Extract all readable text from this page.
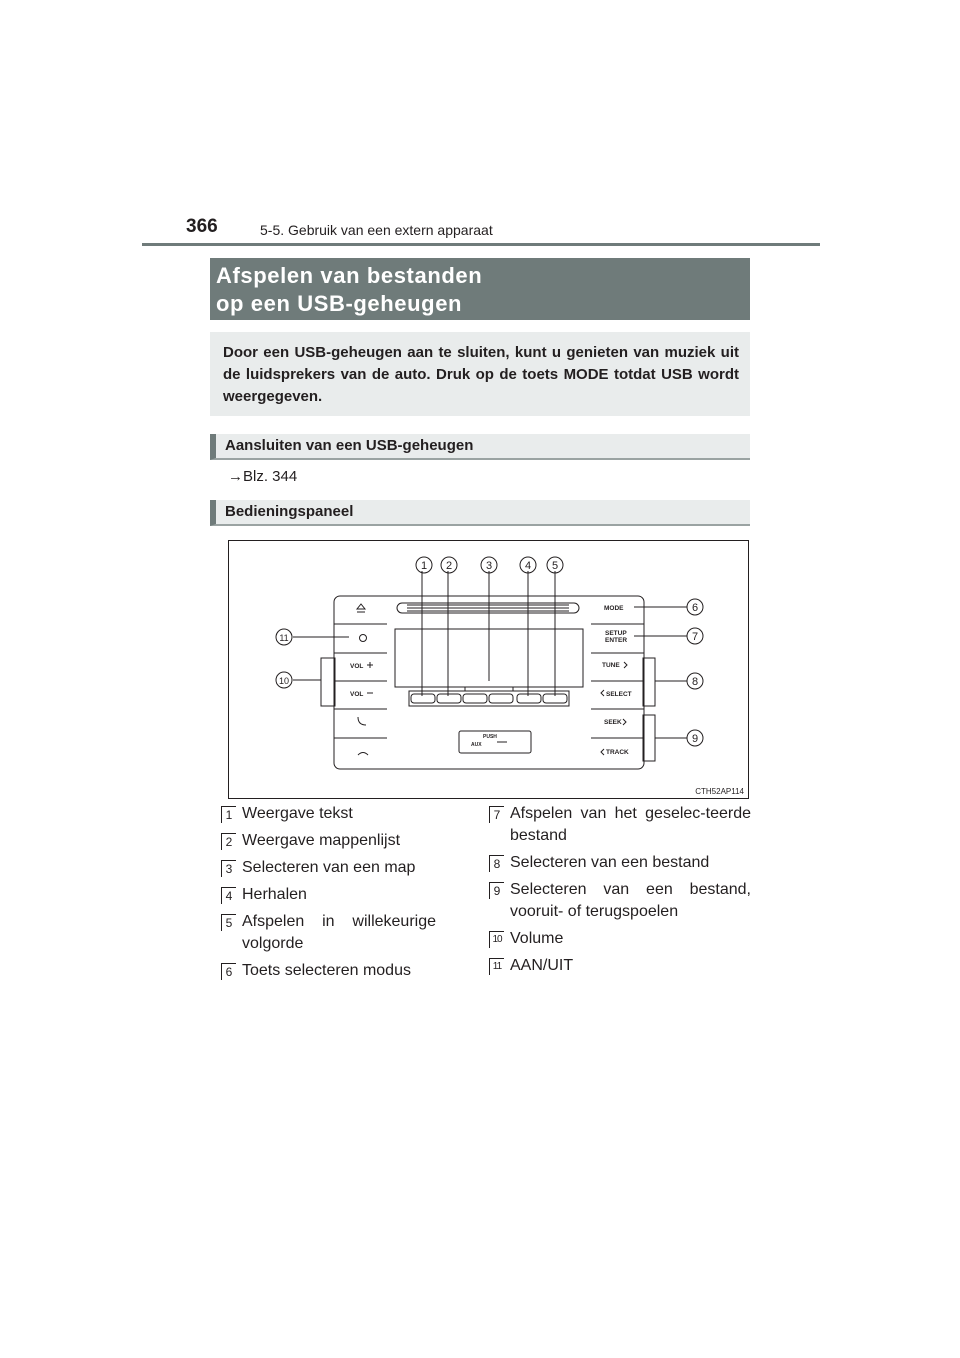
366	5-5. Gebruik van een extern apparaat
Afspelen van bestanden
op een USB-geheugen
Door een USB-geheugen aan te sluiten, kunt u genieten van muziek uit de luidsprekers van de auto. Druk op de toets MODE totdat USB wordt weergegeven.
Aansluiten van een USB-geheugen
→Blz. 344
Bedieningspaneel
1 2	3	4 5
6
7
8
9
10
11
MODE
SETUP
ENTER
TUNE
SELECT
SEEK
TRACK
VOL
VOL
PUSH
AUX
CTH52AP114
1 Weergave tekst
2 Weergave mappenlijst
3 Selecteren van een map
4 Herhalen
5 Afspelen in willekeurige volgorde
6 Toets selecteren modus
7 Afspelen van het geselec-teerde bestand
8 Selecteren van een bestand
9 Selecteren van een bestand, vooruit- of terugspoelen
10 Volume
11 AAN/UIT
